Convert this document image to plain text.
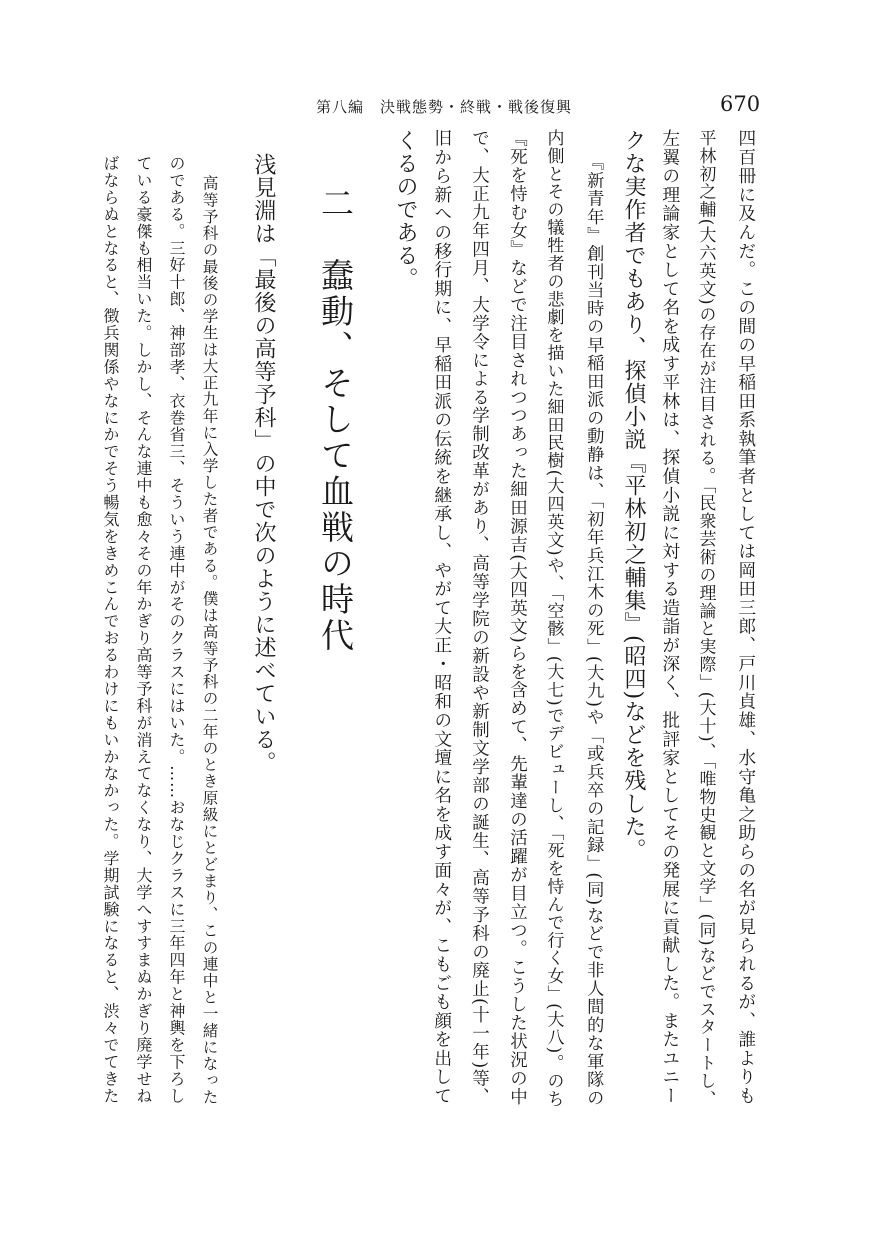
第八編　決戦態勢・終戦・戦後復興	670
四百冊に及んだ。この間の早稲田系執筆者としては岡田三郎、戸川貞雄、水守亀之助らの名が見られるが、誰よりも
平林初之輔(大六英文)の存在が注目される。「民衆芸術の理論と実際」(大十)、「唯物史観と文学」(同)などでスタートし、
左翼の理論家として名を成す平林は、探偵小説に対する造詣が深く、批評家としてその発展に貢献した。またユニー
クな実作者でもあり、探偵小説『平林初之輔集』(昭四)などを残した。
『新青年』創刊当時の早稲田派の動静は、「初年兵江木の死」(大九)や「或兵卒の記録」(同)などで非人間的な軍隊の
内側とその犠牲者の悲劇を描いた細田民樹(大四英文)や、「空骸」(大七)でデビューし、「死を恃んで行く女」(大八)。のち
『死を恃む女』などで注目されつつあった細田源吉(大四英文)らを含めて、先輩達の活躍が目立つ。こうした状況の中
で、大正九年四月、大学令による学制改革があり、高等学院の新設や新制文学部の誕生、高等予科の廃止(十一年)等、
旧から新への移行期に、早稲田派の伝統を継承し、やがて大正・昭和の文壇に名を成す面々が、こもごも顔を出して
くるのである。
二　蠢動、そして血戦の時代
浅見淵は「最後の高等予科」の中で次のように述べている。
高等予科の最後の学生は大正九年に入学した者である。僕は高等予科の二年のとき原級にとどまり、この連中と一緒になった
のである。三好十郎、神部孝、衣巻省三、そういう連中がそのクラスにはいた。……おなじクラスに三年四年と神輿を下ろし
ている豪傑も相当いた。しかし、そんな連中も愈々その年かぎり高等予科が消えてなくなり、大学へすすまぬかぎり廃学せね
ばならぬとなると、徴兵関係やなにかでそう暢気をきめこんでおるわけにもいかなかった。学期試験になると、渋々でてきた
